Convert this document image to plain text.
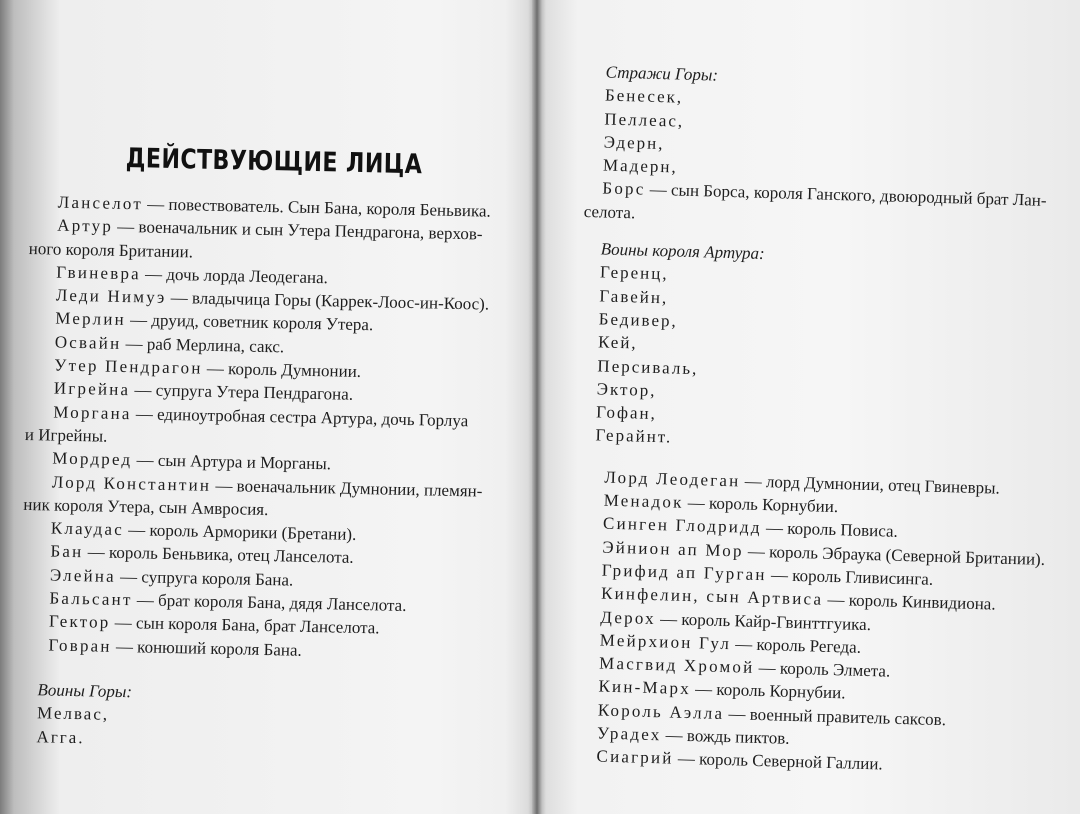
ДЕЙСТВУЮЩИЕ ЛИЦА

Ланселот — повествователь. Сын Бана, короля Беньвика.

Артур — военачальник и сын Утера Пендрагона, верхов-

ного короля Британии.

Гвиневра — дочь лорда Леодегана.

Леди Нимуэ — владычица Горы (Каррек-Лоос-ин-Коос).

Мерлин — друид, советник короля Утера.

Освайн — раб Мерлина, сакс.

Утер Пендрагон — король Думнонии.

Игрейна — супруга Утера Пендрагона.

Моргана — единоутробная сестра Артура, дочь Горлуа

и Игрейны.

Мордред — сын Артура и Морганы.

Лорд Константин — военачальник Думнонии, племян-

ник короля Утера, сын Амвросия.

Клаудас — король Арморики (Бретани).

Бан — король Беньвика, отец Ланселота.

Элейна — супруга короля Бана.

Бальсант — брат короля Бана, дядя Ланселота.

Гектор — сын короля Бана, брат Ланселота.

Говран — конюший короля Бана.

Воины Горы:

Мелвас,

Агга.

Стражи Горы:

Бенесек,

Пеллеас,

Эдерн,

Мадерн,

Борс — сын Борса, короля Ганского, двоюродный брат Лан-

селота.

Воины короля Артура:

Геренц,

Гавейн,

Бедивер,

Кей,

Персиваль,

Эктор,

Гофан,

Герайнт.

Лорд Леодеган — лорд Думнонии, отец Гвиневры.

Менадок — король Корнубии.

Синген Глодридд — король Повиса.

Эйнион ап Мор — король Эбраука (Северной Британии).

Грифид ап Гурган — король Гливисинга.

Кинфелин, сын Артвиса — король Кинвидиона.

Дерох — король Кайр-Гвинттгуика.

Мейрхион Гул — король Регеда.

Масгвид Хромой — король Элмета.

Кин-Марх — король Корнубии.

Король Аэлла — военный правитель саксов.

Урадех — вождь пиктов.

Сиагрий — король Северной Галлии.
